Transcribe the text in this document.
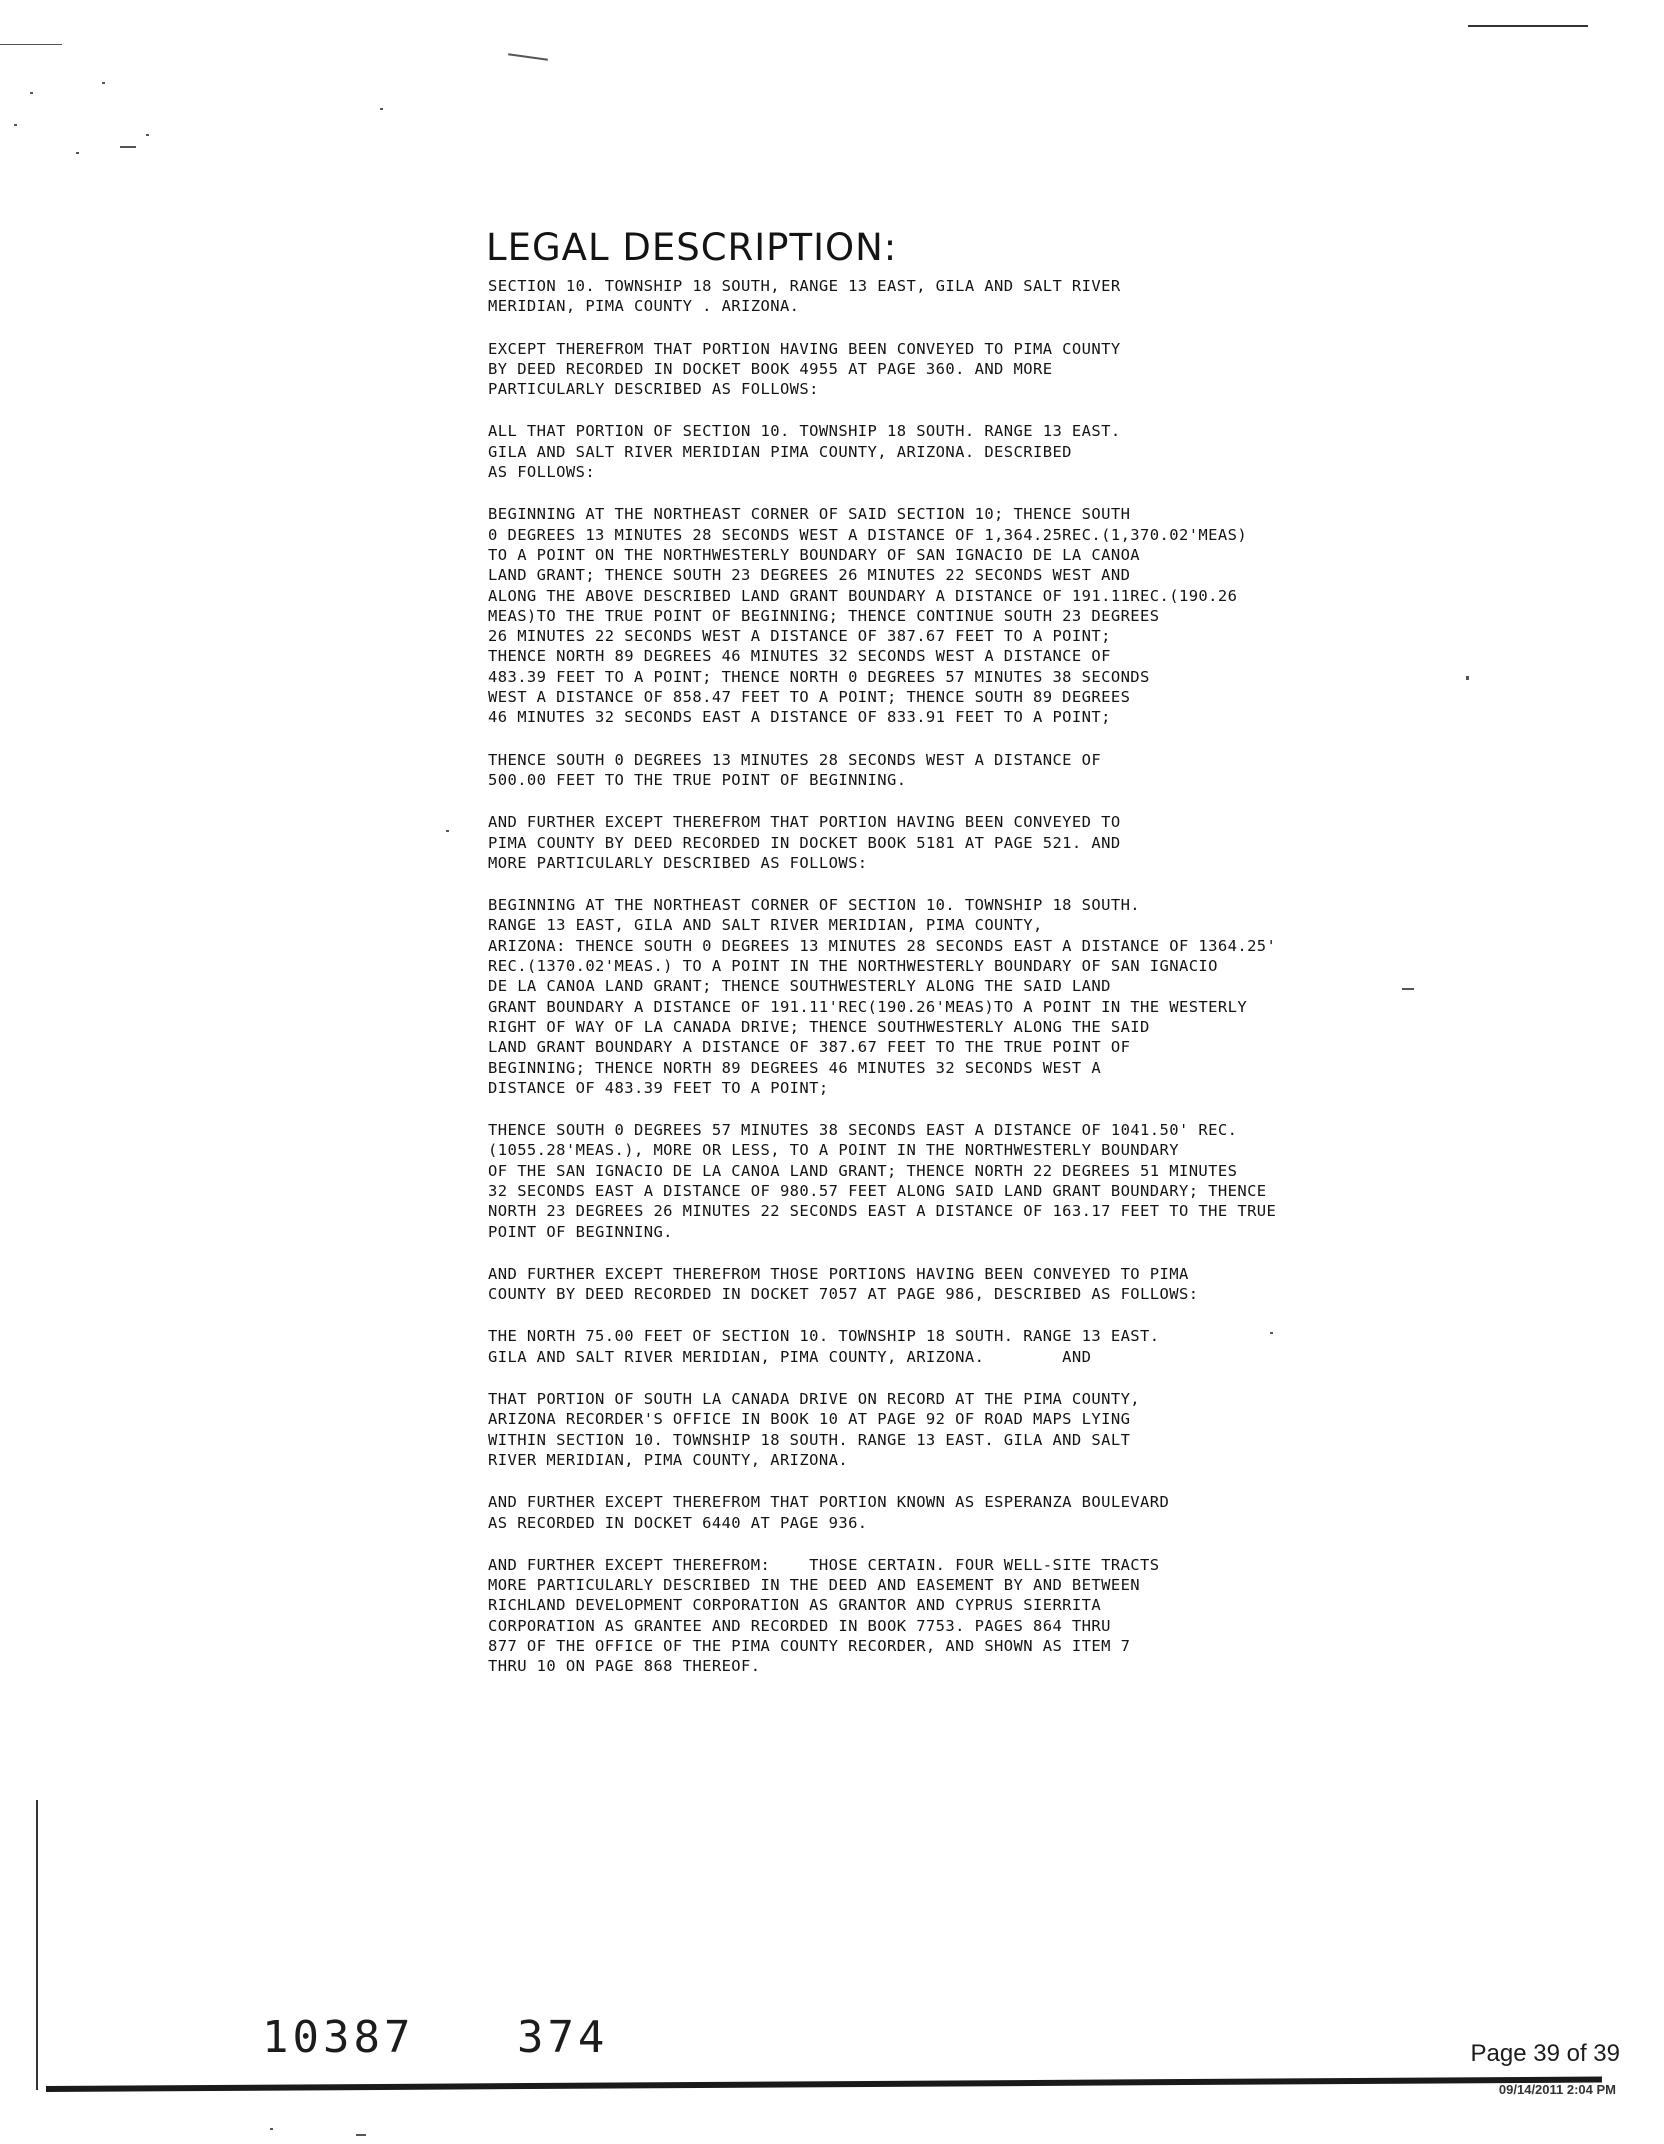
LEGAL DESCRIPTION:

SECTION 10. TOWNSHIP 18 SOUTH, RANGE 13 EAST, GILA AND SALT RIVER
MERIDIAN, PIMA COUNTY . ARIZONA.

EXCEPT THEREFROM THAT PORTION HAVING BEEN CONVEYED TO PIMA COUNTY
BY DEED RECORDED IN DOCKET BOOK 4955 AT PAGE 360. AND MORE
PARTICULARLY DESCRIBED AS FOLLOWS:

ALL THAT PORTION OF SECTION 10. TOWNSHIP 18 SOUTH. RANGE 13 EAST.
GILA AND SALT RIVER MERIDIAN PIMA COUNTY, ARIZONA. DESCRIBED
AS FOLLOWS:

BEGINNING AT THE NORTHEAST CORNER OF SAID SECTION 10; THENCE SOUTH
0 DEGREES 13 MINUTES 28 SECONDS WEST A DISTANCE OF 1,364.25REC.(1,370.02'MEAS)
TO A POINT ON THE NORTHWESTERLY BOUNDARY OF SAN IGNACIO DE LA CANOA
LAND GRANT; THENCE SOUTH 23 DEGREES 26 MINUTES 22 SECONDS WEST AND
ALONG THE ABOVE DESCRIBED LAND GRANT BOUNDARY A DISTANCE OF 191.11REC.(190.26
MEAS)TO THE TRUE POINT OF BEGINNING; THENCE CONTINUE SOUTH 23 DEGREES
26 MINUTES 22 SECONDS WEST A DISTANCE OF 387.67 FEET TO A POINT;
THENCE NORTH 89 DEGREES 46 MINUTES 32 SECONDS WEST A DISTANCE OF
483.39 FEET TO A POINT; THENCE NORTH 0 DEGREES 57 MINUTES 38 SECONDS
WEST A DISTANCE OF 858.47 FEET TO A POINT; THENCE SOUTH 89 DEGREES
46 MINUTES 32 SECONDS EAST A DISTANCE OF 833.91 FEET TO A POINT;

THENCE SOUTH 0 DEGREES 13 MINUTES 28 SECONDS WEST A DISTANCE OF
500.00 FEET TO THE TRUE POINT OF BEGINNING.

AND FURTHER EXCEPT THEREFROM THAT PORTION HAVING BEEN CONVEYED TO
PIMA COUNTY BY DEED RECORDED IN DOCKET BOOK 5181 AT PAGE 521. AND
MORE PARTICULARLY DESCRIBED AS FOLLOWS:

BEGINNING AT THE NORTHEAST CORNER OF SECTION 10. TOWNSHIP 18 SOUTH.
RANGE 13 EAST, GILA AND SALT RIVER MERIDIAN, PIMA COUNTY,
ARIZONA: THENCE SOUTH 0 DEGREES 13 MINUTES 28 SECONDS EAST A DISTANCE OF 1364.25'
REC.(1370.02'MEAS.) TO A POINT IN THE NORTHWESTERLY BOUNDARY OF SAN IGNACIO
DE LA CANOA LAND GRANT; THENCE SOUTHWESTERLY ALONG THE SAID LAND
GRANT BOUNDARY A DISTANCE OF 191.11'REC(190.26'MEAS)TO A POINT IN THE WESTERLY
RIGHT OF WAY OF LA CANADA DRIVE; THENCE SOUTHWESTERLY ALONG THE SAID
LAND GRANT BOUNDARY A DISTANCE OF 387.67 FEET TO THE TRUE POINT OF
BEGINNING; THENCE NORTH 89 DEGREES 46 MINUTES 32 SECONDS WEST A
DISTANCE OF 483.39 FEET TO A POINT;

THENCE SOUTH 0 DEGREES 57 MINUTES 38 SECONDS EAST A DISTANCE OF 1041.50' REC.
(1055.28'MEAS.), MORE OR LESS, TO A POINT IN THE NORTHWESTERLY BOUNDARY
OF THE SAN IGNACIO DE LA CANOA LAND GRANT; THENCE NORTH 22 DEGREES 51 MINUTES
32 SECONDS EAST A DISTANCE OF 980.57 FEET ALONG SAID LAND GRANT BOUNDARY; THENCE
NORTH 23 DEGREES 26 MINUTES 22 SECONDS EAST A DISTANCE OF 163.17 FEET TO THE TRUE
POINT OF BEGINNING.

AND FURTHER EXCEPT THEREFROM THOSE PORTIONS HAVING BEEN CONVEYED TO PIMA
COUNTY BY DEED RECORDED IN DOCKET 7057 AT PAGE 986, DESCRIBED AS FOLLOWS:

THE NORTH 75.00 FEET OF SECTION 10. TOWNSHIP 18 SOUTH. RANGE 13 EAST.
GILA AND SALT RIVER MERIDIAN, PIMA COUNTY, ARIZONA.        AND

THAT PORTION OF SOUTH LA CANADA DRIVE ON RECORD AT THE PIMA COUNTY,
ARIZONA RECORDER'S OFFICE IN BOOK 10 AT PAGE 92 OF ROAD MAPS LYING
WITHIN SECTION 10. TOWNSHIP 18 SOUTH. RANGE 13 EAST. GILA AND SALT
RIVER MERIDIAN, PIMA COUNTY, ARIZONA.

AND FURTHER EXCEPT THEREFROM THAT PORTION KNOWN AS ESPERANZA BOULEVARD
AS RECORDED IN DOCKET 6440 AT PAGE 936.

AND FURTHER EXCEPT THEREFROM:    THOSE CERTAIN. FOUR WELL-SITE TRACTS
MORE PARTICULARLY DESCRIBED IN THE DEED AND EASEMENT BY AND BETWEEN
RICHLAND DEVELOPMENT CORPORATION AS GRANTOR AND CYPRUS SIERRITA
CORPORATION AS GRANTEE AND RECORDED IN BOOK 7753. PAGES 864 THRU
877 OF THE OFFICE OF THE PIMA COUNTY RECORDER, AND SHOWN AS ITEM 7
THRU 10 ON PAGE 868 THEREOF.

10387 374	Page 39 of 39
09/14/2011 2:04 PM
